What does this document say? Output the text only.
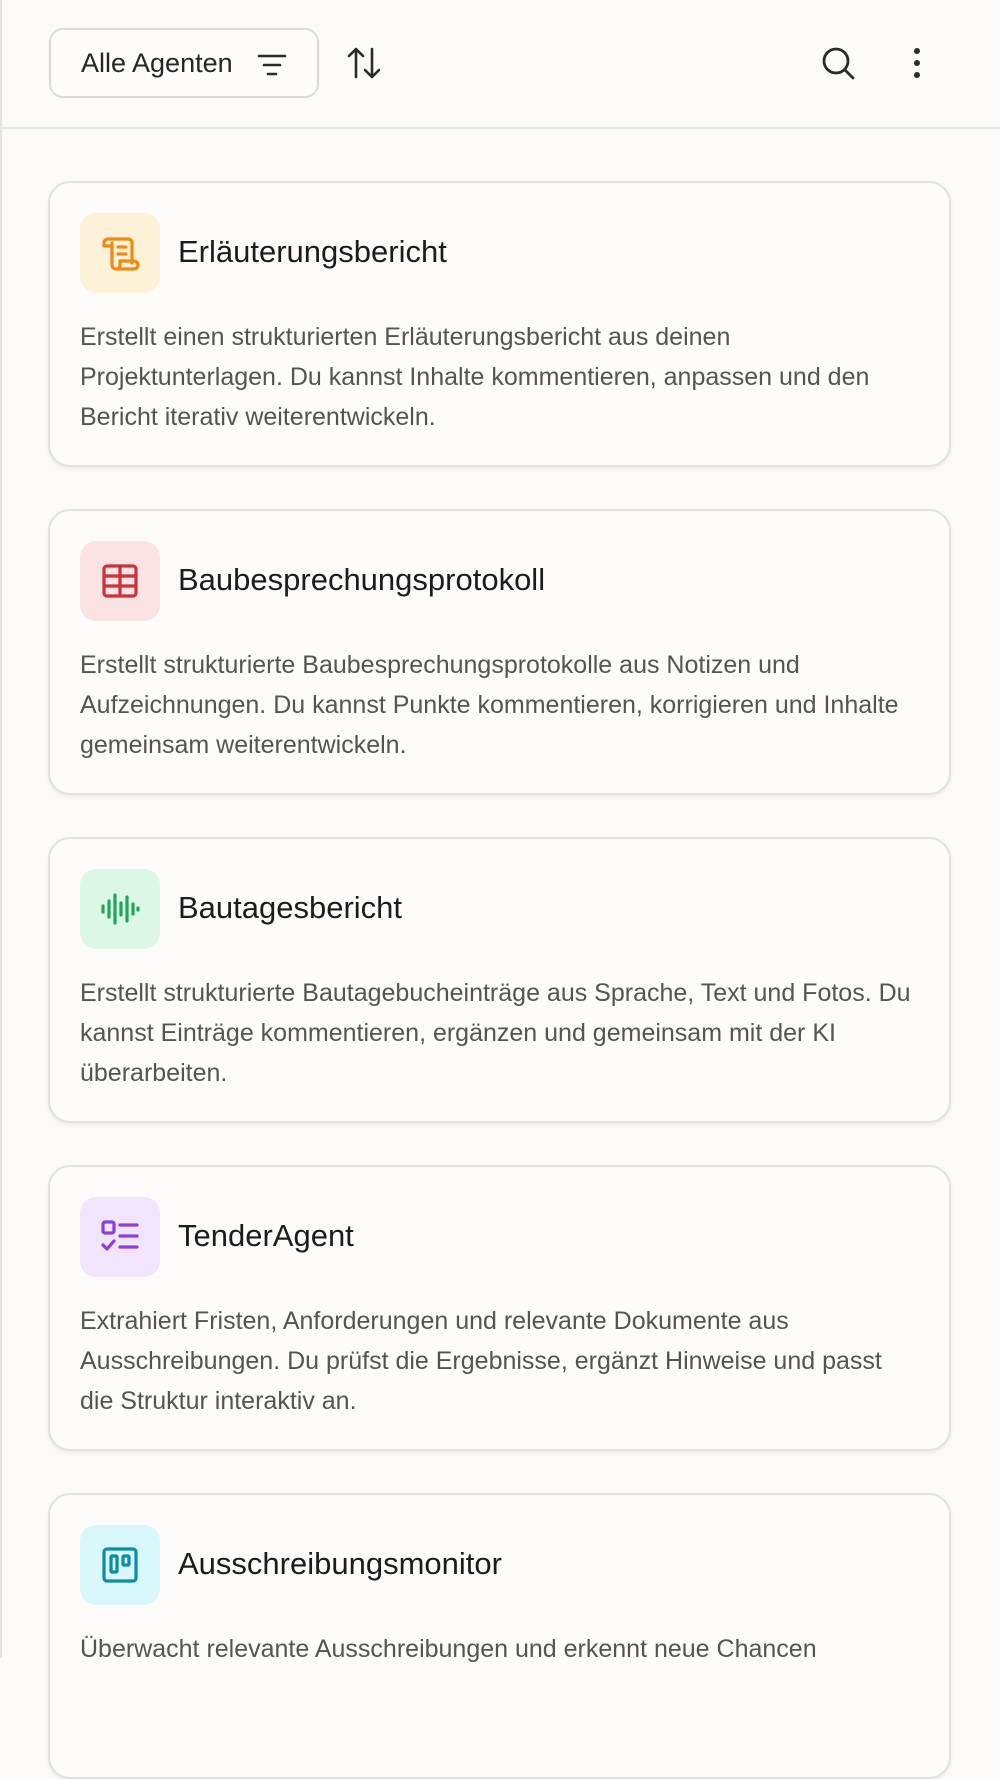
Alle Agenten
Erläuterungsbericht

Erstellt einen strukturierten Erläuterungsbericht aus deinen Projektunterlagen. Du kannst Inhalte kommentieren, anpassen und den Bericht iterativ weiterentwickeln.

Baubesprechungsprotokoll

Erstellt strukturierte Baubesprechungsprotokolle aus Notizen und Aufzeichnungen. Du kannst Punkte kommentieren, korrigieren und Inhalte gemeinsam weiterentwickeln.

Bautagesbericht

Erstellt strukturierte Bautagebucheinträge aus Sprache, Text und Fotos. Du kannst Einträge kommentieren, ergänzen und gemeinsam mit der KI überarbeiten.

TenderAgent

Extrahiert Fristen, Anforderungen und relevante Dokumente aus Ausschreibungen. Du prüfst die Ergebnisse, ergänzt Hinweise und passt die Struktur interaktiv an.

Ausschreibungsmonitor

Überwacht relevante Ausschreibungen und erkennt neue Chancen
